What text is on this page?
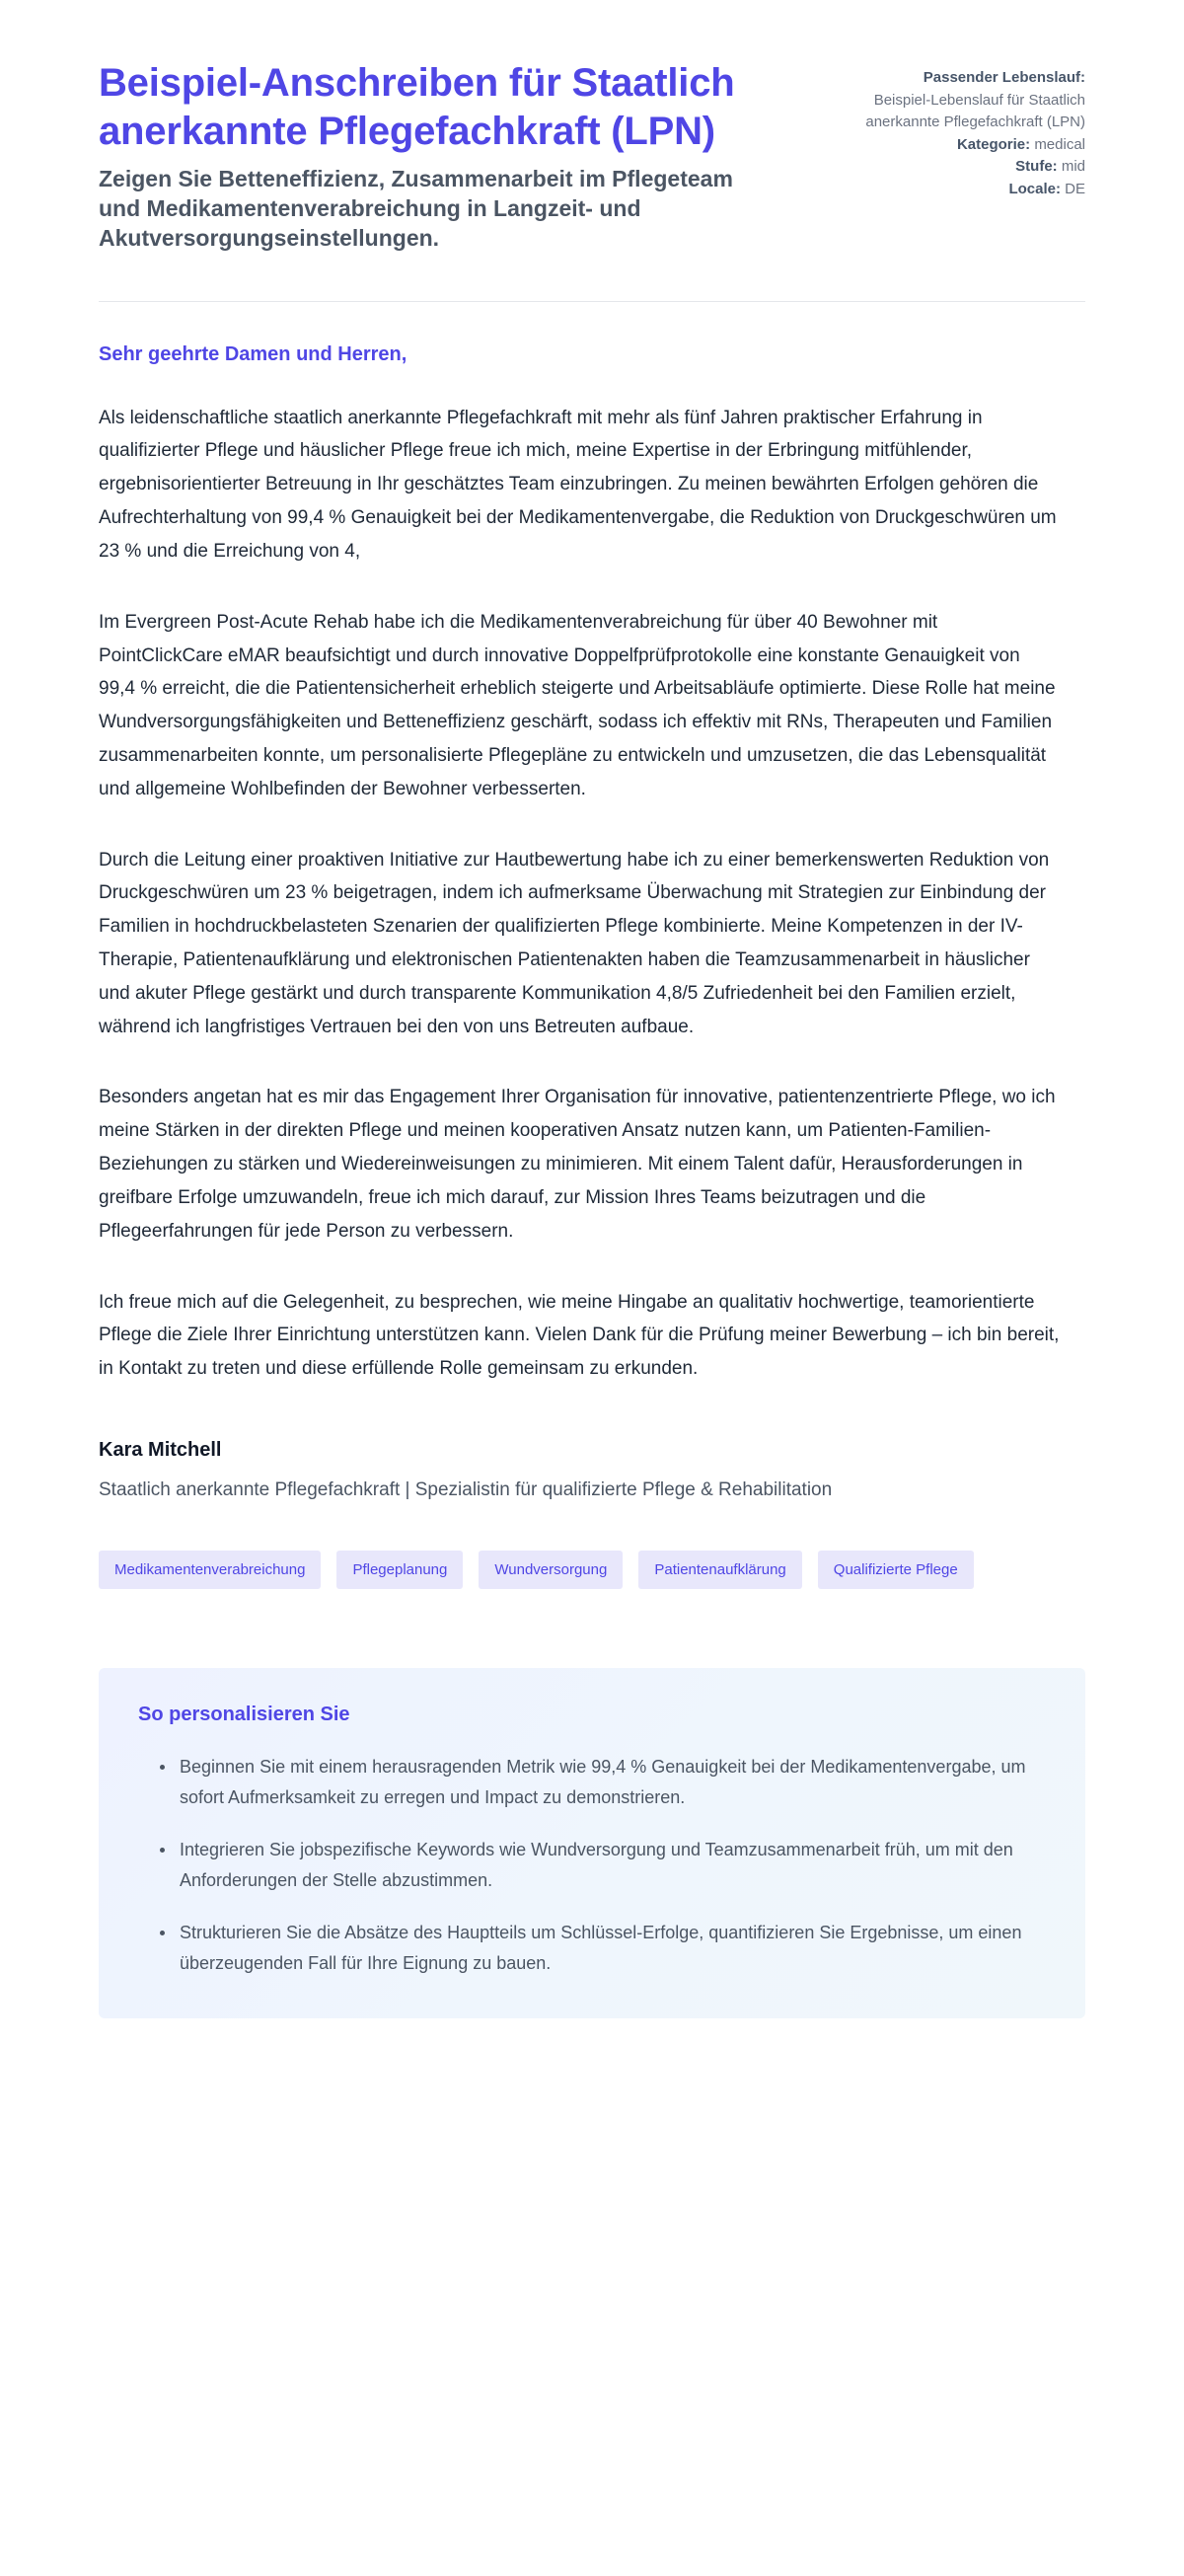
Beispiel-Anschreiben für Staatlich anerkannte Pflegefachkraft (LPN)

Zeigen Sie Betteneffizienz, Zusammenarbeit im Pflegeteam und Medikamentenverabreichung in Langzeit- und Akutversorgungseinstellungen.

Passender Lebenslauf:
Beispiel-Lebenslauf für Staatlich anerkannte Pflegefachkraft (LPN)
Kategorie: medical
Stufe: mid
Locale: DE

Sehr geehrte Damen und Herren,

Als leidenschaftliche staatlich anerkannte Pflegefachkraft mit mehr als fünf Jahren praktischer Erfahrung in qualifizierter Pflege und häuslicher Pflege freue ich mich, meine Expertise in der Erbringung mitfühlender, ergebnisorientierter Betreuung in Ihr geschätztes Team einzubringen. Zu meinen bewährten Erfolgen gehören die Aufrechterhaltung von 99,4 % Genauigkeit bei der Medikamentenvergabe, die Reduktion von Druckgeschwüren um 23 % und die Erreichung von 4,

Im Evergreen Post-Acute Rehab habe ich die Medikamentenverabreichung für über 40 Bewohner mit PointClickCare eMAR beaufsichtigt und durch innovative Doppelfprüfprotokolle eine konstante Genauigkeit von 99,4 % erreicht, die die Patientensicherheit erheblich steigerte und Arbeitsabläufe optimierte. Diese Rolle hat meine Wundversorgungsfähigkeiten und Betteneffizienz geschärft, sodass ich effektiv mit RNs, Therapeuten und Familien zusammenarbeiten konnte, um personalisierte Pflegepläne zu entwickeln und umzusetzen, die das Lebensqualität und allgemeine Wohlbefinden der Bewohner verbesserten.

Durch die Leitung einer proaktiven Initiative zur Hautbewertung habe ich zu einer bemerkenswerten Reduktion von Druckgeschwüren um 23 % beigetragen, indem ich aufmerksame Überwachung mit Strategien zur Einbindung der Familien in hochdruckbelasteten Szenarien der qualifizierten Pflege kombinierte. Meine Kompetenzen in der IV-Therapie, Patientenaufklärung und elektronischen Patientenakten haben die Teamzusammenarbeit in häuslicher und akuter Pflege gestärkt und durch transparente Kommunikation 4,8/5 Zufriedenheit bei den Familien erzielt, während ich langfristiges Vertrauen bei den von uns Betreuten aufbaue.

Besonders angetan hat es mir das Engagement Ihrer Organisation für innovative, patientenzentrierte Pflege, wo ich meine Stärken in der direkten Pflege und meinen kooperativen Ansatz nutzen kann, um Patienten-Familien-Beziehungen zu stärken und Wiedereinweisungen zu minimieren. Mit einem Talent dafür, Herausforderungen in greifbare Erfolge umzuwandeln, freue ich mich darauf, zur Mission Ihres Teams beizutragen und die Pflegeerfahrungen für jede Person zu verbessern.

Ich freue mich auf die Gelegenheit, zu besprechen, wie meine Hingabe an qualitativ hochwertige, teamorientierte Pflege die Ziele Ihrer Einrichtung unterstützen kann. Vielen Dank für die Prüfung meiner Bewerbung – ich bin bereit, in Kontakt zu treten und diese erfüllende Rolle gemeinsam zu erkunden.

Kara Mitchell

Staatlich anerkannte Pflegefachkraft | Spezialistin für qualifizierte Pflege & Rehabilitation

Medikamentenverabreichung	Pflegeplanung	Wundversorgung	Patientenaufklärung	Qualifizierte Pflege
So personalisieren Sie
Beginnen Sie mit einem herausragenden Metrik wie 99,4 % Genauigkeit bei der Medikamentenvergabe, um sofort Aufmerksamkeit zu erregen und Impact zu demonstrieren.
Integrieren Sie jobspezifische Keywords wie Wundversorgung und Teamzusammenarbeit früh, um mit den Anforderungen der Stelle abzustimmen.
Strukturieren Sie die Absätze des Hauptteils um Schlüssel-Erfolge, quantifizieren Sie Ergebnisse, um einen überzeugenden Fall für Ihre Eignung zu bauen.
